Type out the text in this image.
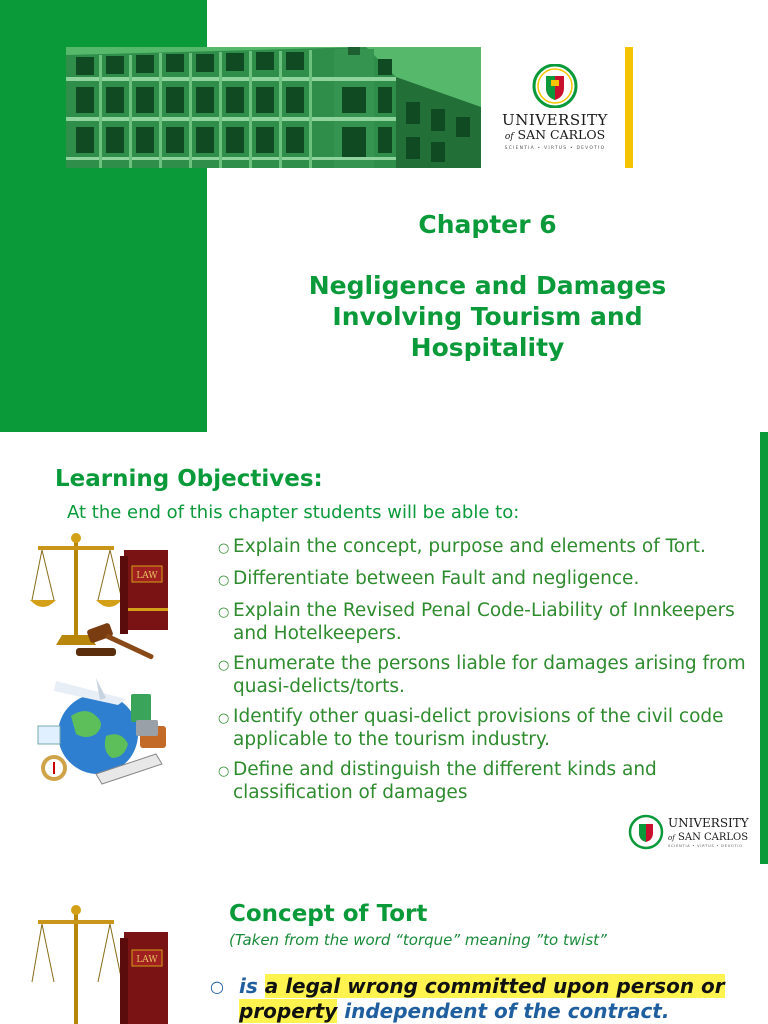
UNIVERSITY
of SAN CARLOS
SCIENTIA • VIRTUS • DEVOTIO
Chapter 6
Negligence and Damages Involving Tourism and Hospitality
Learning Objectives:
At the end of this chapter students will be able to:
LAW
○ Explain the concept, purpose and elements of Tort.
○ Differentiate between Fault and negligence.
○ Explain the Revised Penal Code-Liability of Innkeepers and Hotelkeepers.
○ Enumerate the persons liable for damages arising from quasi-delicts/torts.
○ Identify other quasi-delict provisions of the civil code applicable to the tourism industry.
○ Define and distinguish the different kinds and classification of damages
UNIVERSITY
of SAN CARLOS
SCIENTIA • VIRTUS • DEVOTIO
LAW
Concept of Tort
(Taken from the word “torque” meaning ”to twist”
○ is a legal wrong committed upon person or property independent of the contract.
